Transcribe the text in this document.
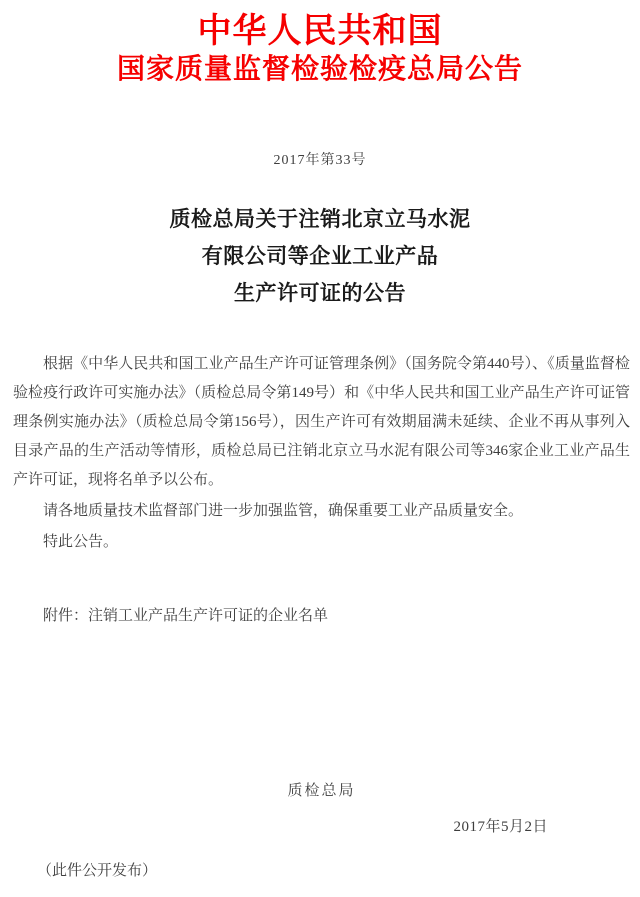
中华人民共和国
国家质量监督检验检疫总局公告
2017年第33号
质检总局关于注销北京立马水泥
有限公司等企业工业产品
生产许可证的公告

根据《中华人民共和国工业产品生产许可证管理条例》（国务院令第440号）、《质量监督检验检疫行政许可实施办法》（质检总局令第149号）和《中华人民共和国工业产品生产许可证管理条例实施办法》（质检总局令第156号），因生产许可有效期届满未延续、企业不再从事列入目录产品的生产活动等情形，质检总局已注销北京立马水泥有限公司等346家企业工业产品生产许可证，现将名单予以公布。

请各地质量技术监督部门进一步加强监管，确保重要工业产品质量安全。

特此公告。

附件：注销工业产品生产许可证的企业名单

质检总局
2017年5月2日
（此件公开发布）
